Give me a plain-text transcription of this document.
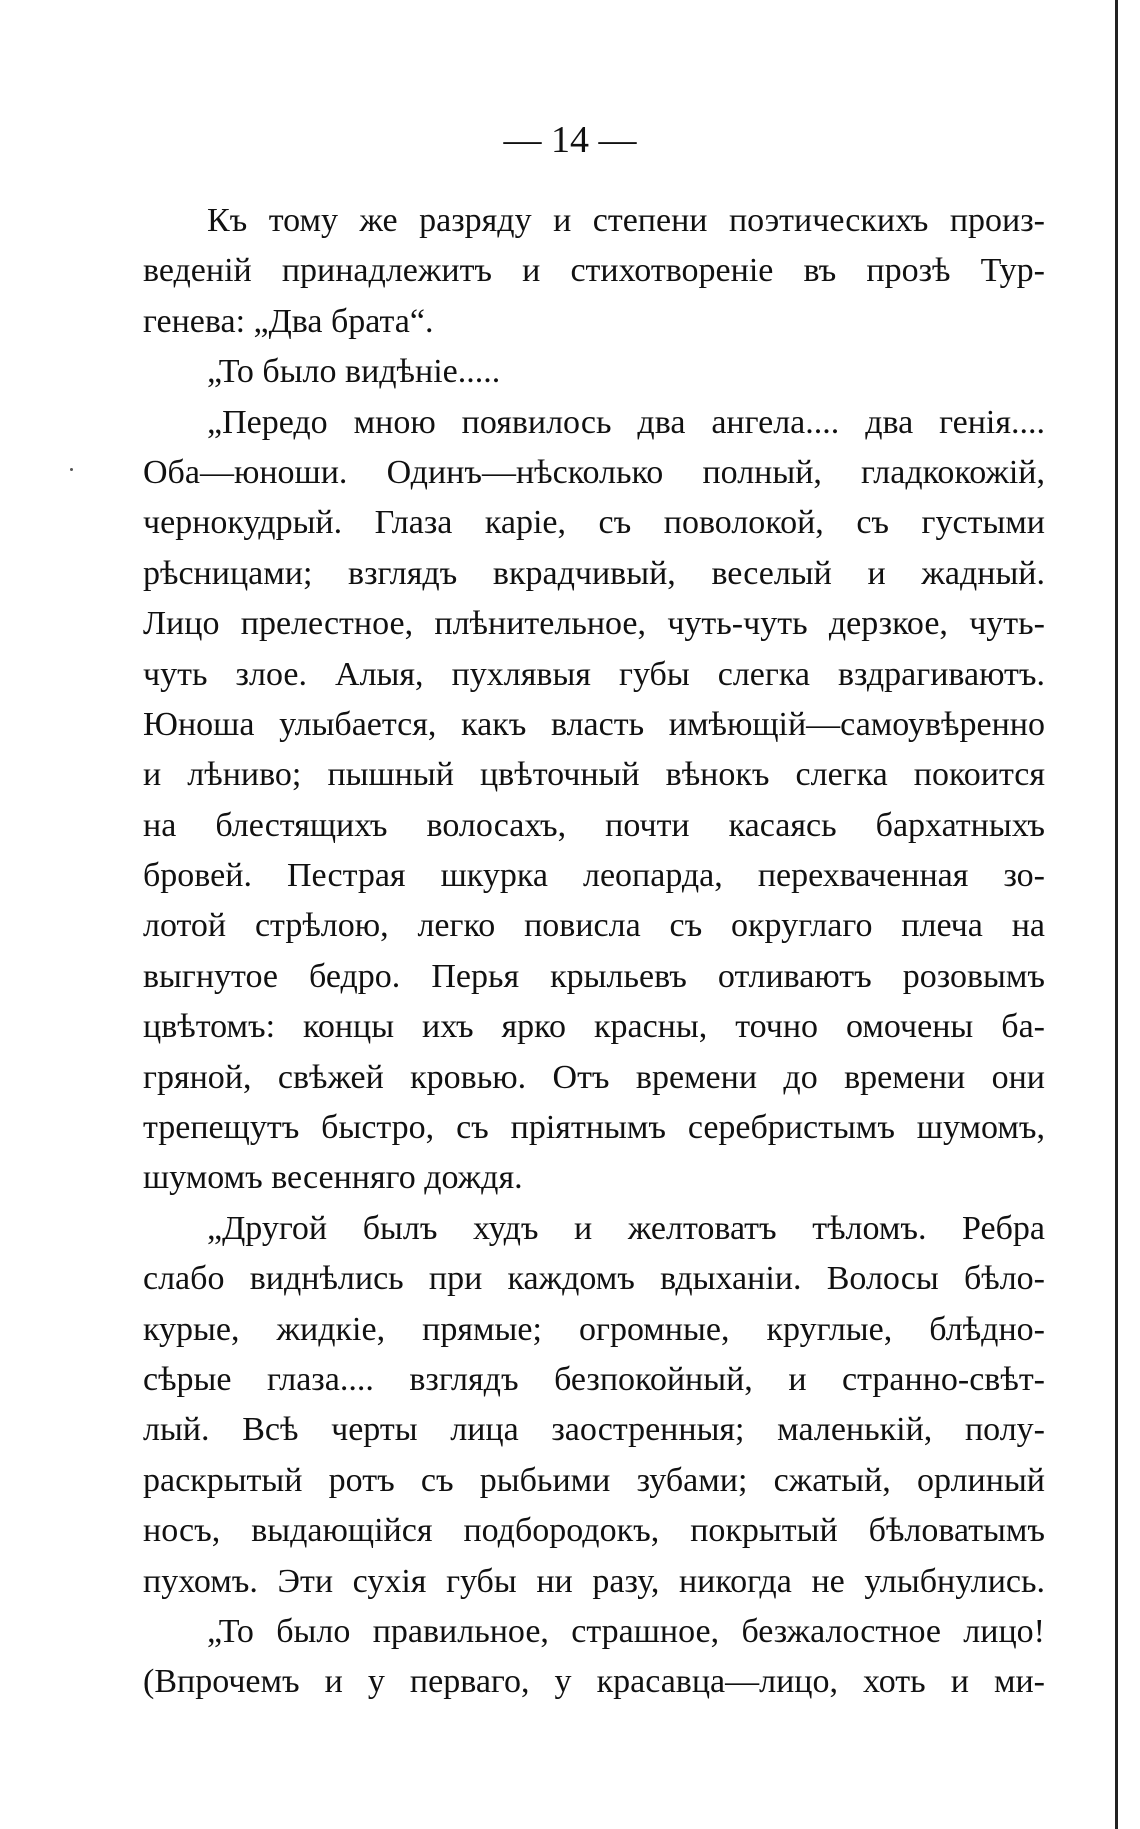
— 14 —
Къ тому же разряду и степени поэтическихъ произ-
веденій принадлежитъ и стихотвореніе въ прозѣ Тур-
генева: „Два брата“.
„То было видѣніе.....
„Передо мною появилось два ангела.... два генія....
Оба—юноши. Одинъ—нѣсколько полный, гладкокожій,
чернокудрый. Глаза каріе, съ поволокой, съ густыми
рѣсницами; взглядъ вкрадчивый, веселый и жадный.
Лицо прелестное, плѣнительное, чуть-чуть дерзкое, чуть-
чуть злое. Алыя, пухлявыя губы слегка вздрагиваютъ.
Юноша улыбается, какъ власть имѣющій—самоувѣренно
и лѣниво; пышный цвѣточный вѣнокъ слегка покоится
на блестящихъ волосахъ, почти касаясь бархатныхъ
бровей. Пестрая шкурка леопарда, перехваченная зо-
лотой стрѣлою, легко повисла съ округлаго плеча на
выгнутое бедро. Перья крыльевъ отливаютъ розовымъ
цвѣтомъ: концы ихъ ярко красны, точно омочены ба-
гряной, свѣжей кровью. Отъ времени до времени они
трепещутъ быстро, съ пріятнымъ серебристымъ шумомъ,
шумомъ весенняго дождя.
„Другой былъ худъ и желтоватъ тѣломъ. Ребра
слабо виднѣлись при каждомъ вдыханіи. Волосы бѣло-
курые, жидкіе, прямые; огромные, круглые, блѣдно-
сѣрые глаза.... взглядъ безпокойный, и странно-свѣт-
лый. Всѣ черты лица заостренныя; маленькій, полу-
раскрытый ротъ съ рыбьими зубами; сжатый, орлиный
носъ, выдающійся подбородокъ, покрытый бѣловатымъ
пухомъ. Эти сухія губы ни разу, никогда не улыбнулись.
„То было правильное, страшное, безжалостное лицо!
(Впрочемъ и у перваго, у красавца—лицо, хоть и ми-
